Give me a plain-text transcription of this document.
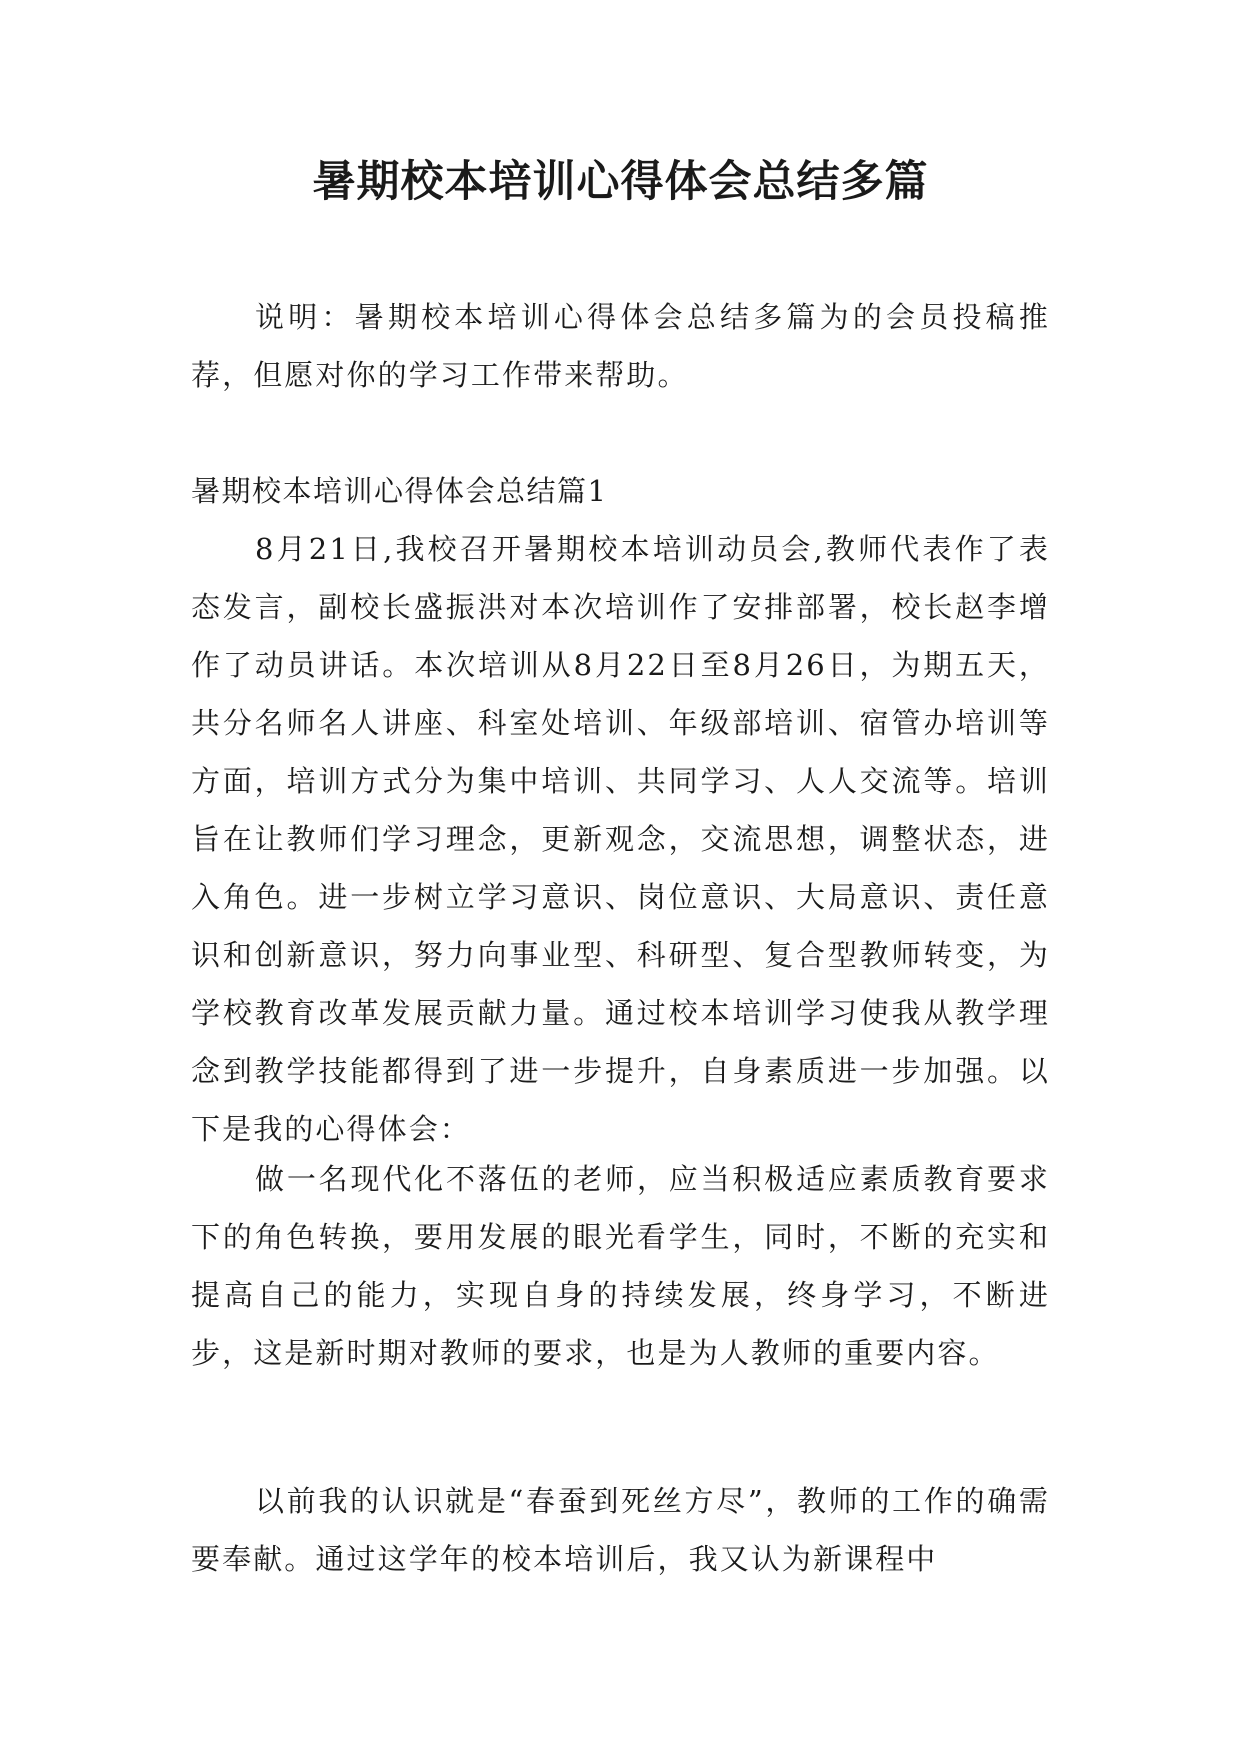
暑期校本培训心得体会总结多篇

说明：暑期校本培训心得体会总结多篇为的会员投稿推荐，但愿对你的学习工作带来帮助。

暑期校本培训心得体会总结篇1

8月21日,我校召开暑期校本培训动员会,教师代表作了表态发言，副校长盛振洪对本次培训作了安排部署，校长赵李增作了动员讲话。本次培训从8月22日至8月26日，为期五天，共分名师名人讲座、科室处培训、年级部培训、宿管办培训等方面，培训方式分为集中培训、共同学习、人人交流等。培训旨在让教师们学习理念，更新观念，交流思想，调整状态，进入角色。进一步树立学习意识、岗位意识、大局意识、责任意识和创新意识，努力向事业型、科研型、复合型教师转变，为学校教育改革发展贡献力量。通过校本培训学习使我从教学理念到教学技能都得到了进一步提升，自身素质进一步加强。以下是我的心得体会：

做一名现代化不落伍的老师，应当积极适应素质教育要求下的角色转换，要用发展的眼光看学生，同时，不断的充实和提高自己的能力，实现自身的持续发展，终身学习，不断进步，这是新时期对教师的要求，也是为人教师的重要内容。

以前我的认识就是“春蚕到死丝方尽”，教师的工作的确需要奉献。通过这学年的校本培训后，我又认为新课程中
